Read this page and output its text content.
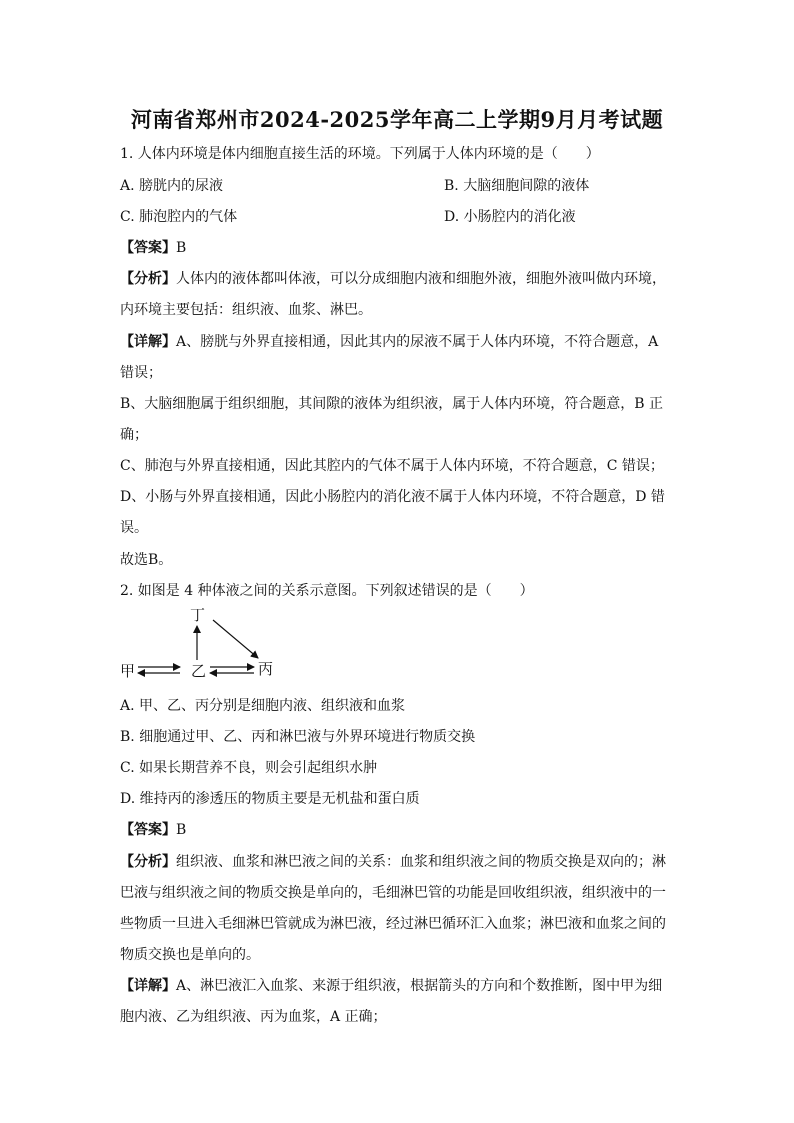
河南省郑州市2024-2025学年高二上学期9月月考试题
1. 人体内环境是体内细胞直接生活的环境。下列属于人体内环境的是（　　）
A. 膀胱内的尿液	B. 大脑细胞间隙的液体
C. 肺泡腔内的气体	D. 小肠腔内的消化液
【答案】B
【分析】人体内的液体都叫体液，可以分成细胞内液和细胞外液，细胞外液叫做内环境，
内环境主要包括：组织液、血浆、淋巴。
【详解】A、膀胱与外界直接相通，因此其内的尿液不属于人体内环境，不符合题意，A
错误；
B、大脑细胞属于组织细胞，其间隙的液体为组织液，属于人体内环境，符合题意，B 正
确；
C、肺泡与外界直接相通，因此其腔内的气体不属于人体内环境，不符合题意，C 错误；
D、小肠与外界直接相通，因此小肠腔内的消化液不属于人体内环境，不符合题意，D 错
误。
故选B。
2. 如图是 4 种体液之间的关系示意图。下列叙述错误的是（　　）
丁
甲	乙	丙
A. 甲、乙、丙分别是细胞内液、组织液和血浆
B. 细胞通过甲、乙、丙和淋巴液与外界环境进行物质交换
C. 如果长期营养不良，则会引起组织水肿
D. 维持丙的渗透压的物质主要是无机盐和蛋白质
【答案】B
【分析】组织液、血浆和淋巴液之间的关系：血浆和组织液之间的物质交换是双向的；淋
巴液与组织液之间的物质交换是单向的，毛细淋巴管的功能是回收组织液，组织液中的一
些物质一旦进入毛细淋巴管就成为淋巴液，经过淋巴循环汇入血浆；淋巴液和血浆之间的
物质交换也是单向的。
【详解】A、淋巴液汇入血浆、来源于组织液，根据箭头的方向和个数推断，图中甲为细
胞内液、乙为组织液、丙为血浆，A 正确；
